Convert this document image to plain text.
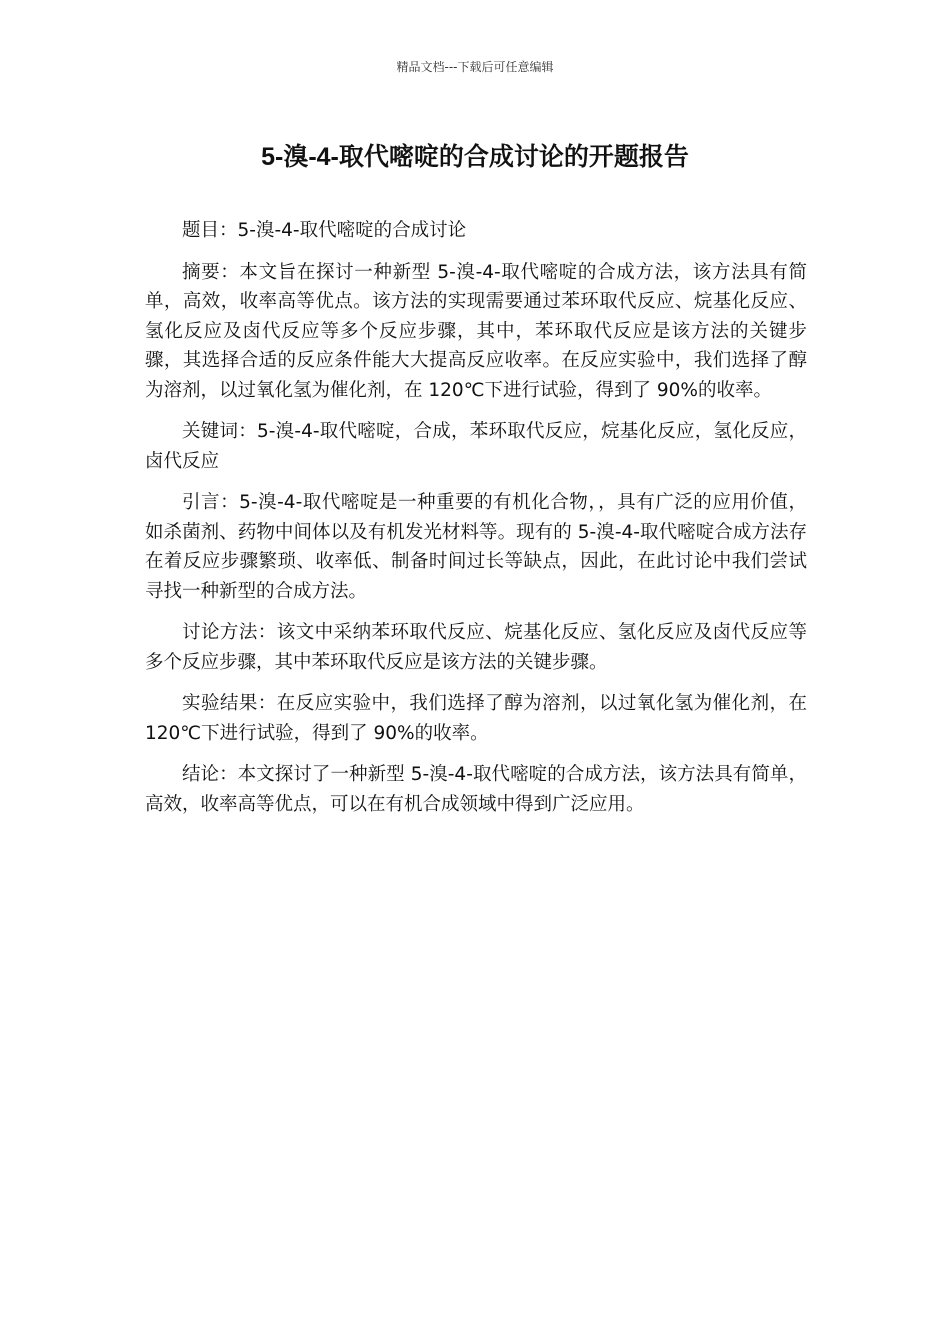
精品文档---下载后可任意编辑
5-溴-4-取代嘧啶的合成讨论的开题报告

题目：5-溴-4-取代嘧啶的合成讨论

摘要：本文旨在探讨一种新型 5-溴-4-取代嘧啶的合成方法，该方法具有简单，高效，收率高等优点。该方法的实现需要通过苯环取代反应、烷基化反应、氢化反应及卤代反应等多个反应步骤，其中，苯环取代反应是该方法的关键步骤，其选择合适的反应条件能大大提高反应收率。在反应实验中，我们选择了醇为溶剂，以过氧化氢为催化剂，在 120℃下进行试验，得到了 90%的收率。

关键词：5-溴-4-取代嘧啶，合成，苯环取代反应，烷基化反应，氢化反应，卤代反应

引言：5-溴-4-取代嘧啶是一种重要的有机化合物，，具有广泛的应用价值，如杀菌剂、药物中间体以及有机发光材料等。现有的 5-溴-4-取代嘧啶合成方法存在着反应步骤繁琐、收率低、制备时间过长等缺点，因此，在此讨论中我们尝试寻找一种新型的合成方法。

讨论方法：该文中采纳苯环取代反应、烷基化反应、氢化反应及卤代反应等多个反应步骤，其中苯环取代反应是该方法的关键步骤。

实验结果：在反应实验中，我们选择了醇为溶剂，以过氧化氢为催化剂，在 120℃下进行试验，得到了 90%的收率。

结论：本文探讨了一种新型 5-溴-4-取代嘧啶的合成方法，该方法具有简单，高效，收率高等优点，可以在有机合成领域中得到广泛应用。
